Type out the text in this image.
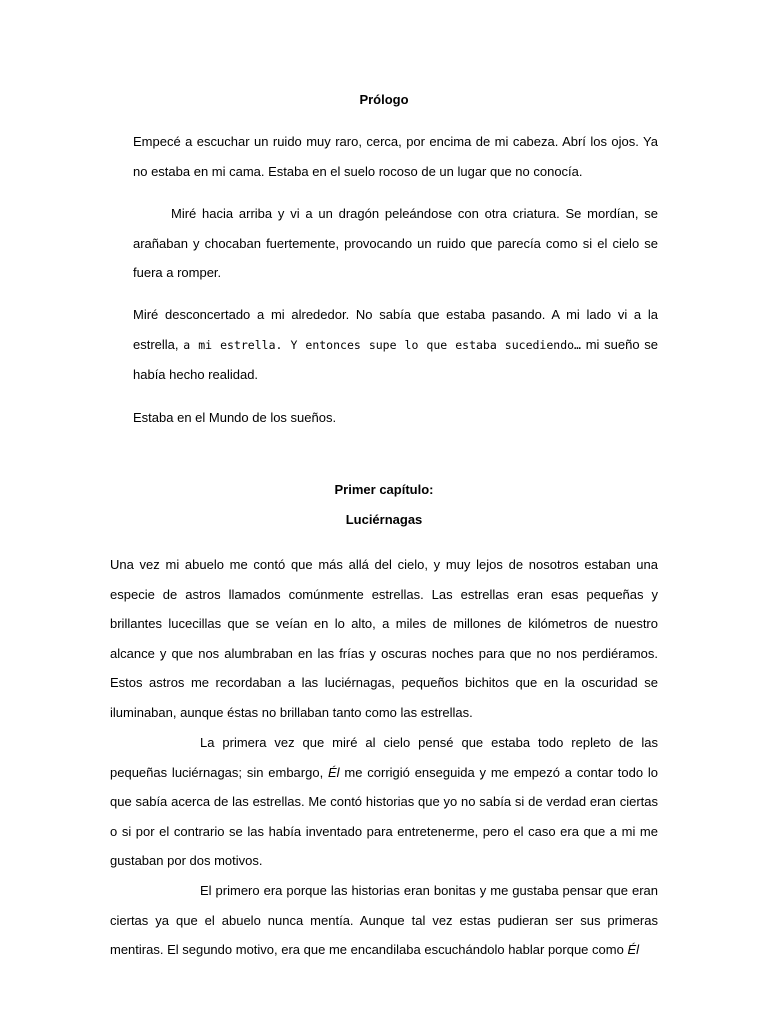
Prólogo

Empecé a escuchar un ruido muy raro, cerca, por encima de mi cabeza. Abrí los ojos. Ya no estaba en mi cama. Estaba en el suelo rocoso de un lugar que no conocía.

Miré hacia arriba y vi a un dragón peleándose con otra criatura. Se mordían, se arañaban y chocaban fuertemente, provocando un ruido que parecía como si el cielo se fuera a romper.

Miré desconcertado a mi alrededor. No sabía que estaba pasando. A mi lado vi a la estrella, a mi estrella. Y entonces supe lo que estaba sucediendo… mi sueño se había hecho realidad.

Estaba en el Mundo de los sueños.

Primer capítulo:
Luciérnagas

Una vez mi abuelo me contó que más allá del cielo, y muy lejos de nosotros estaban una especie de astros llamados comúnmente estrellas. Las estrellas eran esas pequeñas y brillantes lucecillas que se veían en lo alto, a miles de millones de kilómetros de nuestro alcance y que nos alumbraban en las frías y oscuras noches para que no nos perdiéramos. Estos astros me recordaban a las luciérnagas, pequeños bichitos que en la oscuridad se iluminaban, aunque éstas no brillaban tanto como las estrellas.

La primera vez que miré al cielo pensé que estaba todo repleto de las pequeñas luciérnagas; sin embargo, Él me corrigió enseguida y me empezó a contar todo lo que sabía acerca de las estrellas. Me contó historias que yo no sabía si de verdad eran ciertas o si por el contrario se las había inventado para entretenerme, pero el caso era que a mi me gustaban por dos motivos.

El primero era porque las historias eran bonitas y me gustaba pensar que eran ciertas ya que el abuelo nunca mentía. Aunque tal vez estas pudieran ser sus primeras mentiras. El segundo motivo, era que me encandilaba escuchándolo hablar porque como Él
